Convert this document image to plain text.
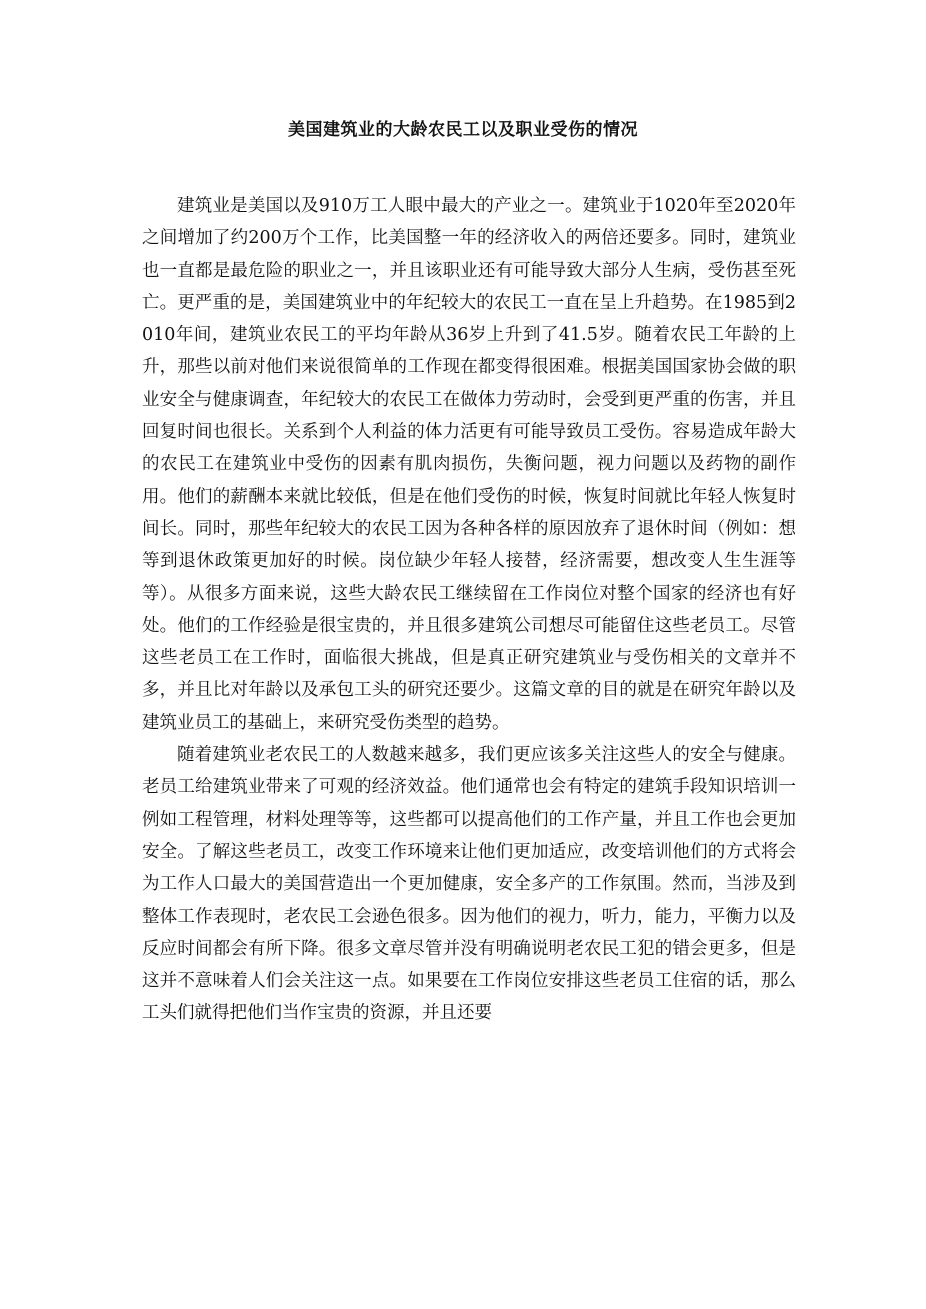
美国建筑业的大龄农民工以及职业受伤的情况

建筑业是美国以及910万工人眼中最大的产业之一。建筑业于1020年至2020年之间增加了约200万个工作，比美国整一年的经济收入的两倍还要多。同时，建筑业也一直都是最危险的职业之一，并且该职业还有可能导致大部分人生病，受伤甚至死亡。更严重的是，美国建筑业中的年纪较大的农民工一直在呈上升趋势。在1985到2010年间，建筑业农民工的平均年龄从36岁上升到了41.5岁。随着农民工年龄的上升，那些以前对他们来说很简单的工作现在都变得很困难。根据美国国家协会做的职业安全与健康调查，年纪较大的农民工在做体力劳动时，会受到更严重的伤害，并且回复时间也很长。关系到个人利益的体力活更有可能导致员工受伤。容易造成年龄大的农民工在建筑业中受伤的因素有肌肉损伤，失衡问题，视力问题以及药物的副作用。他们的薪酬本来就比较低，但是在他们受伤的时候，恢复时间就比年轻人恢复时间长。同时，那些年纪较大的农民工因为各种各样的原因放弃了退休时间（例如：想等到退休政策更加好的时候。岗位缺少年轻人接替，经济需要，想改变人生生涯等等）。从很多方面来说，这些大龄农民工继续留在工作岗位对整个国家的经济也有好处。他们的工作经验是很宝贵的，并且很多建筑公司想尽可能留住这些老员工。尽管这些老员工在工作时，面临很大挑战，但是真正研究建筑业与受伤相关的文章并不多，并且比对年龄以及承包工头的研究还要少。这篇文章的目的就是在研究年龄以及建筑业员工的基础上，来研究受伤类型的趋势。

随着建筑业老农民工的人数越来越多，我们更应该多关注这些人的安全与健康。老员工给建筑业带来了可观的经济效益。他们通常也会有特定的建筑手段知识培训一例如工程管理，材料处理等等，这些都可以提高他们的工作产量，并且工作也会更加安全。了解这些老员工，改变工作环境来让他们更加适应，改变培训他们的方式将会为工作人口最大的美国营造出一个更加健康，安全多产的工作氛围。然而，当涉及到整体工作表现时，老农民工会逊色很多。因为他们的视力，听力，能力，平衡力以及反应时间都会有所下降。很多文章尽管并没有明确说明老农民工犯的错会更多，但是这并不意味着人们会关注这一点。如果要在工作岗位安排这些老员工住宿的话，那么工头们就得把他们当作宝贵的资源，并且还要
